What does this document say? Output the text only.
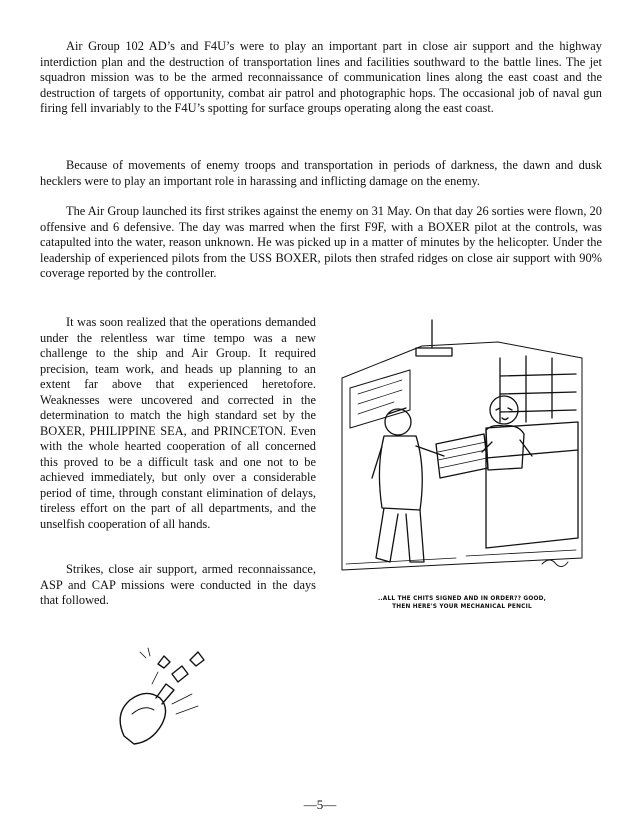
Air Group 102 AD’s and F4U’s were to play an important part in close air support and the highway interdiction plan and the destruction of transportation lines and facilities southward to the battle lines. The jet squadron mission was to be the armed reconnaissance of communication lines along the east coast and the destruction of targets of opportunity, combat air patrol and photographic hops. The occasional job of naval gun firing fell invariably to the F4U’s spotting for surface groups operating along the east coast.

Because of movements of enemy troops and transportation in periods of darkness, the dawn and dusk hecklers were to play an important role in harassing and inflicting damage on the enemy.

The Air Group launched its first strikes against the enemy on 31 May. On that day 26 sorties were flown, 20 offensive and 6 defensive. The day was marred when the first F9F, with a BOXER pilot at the controls, was catapulted into the water, reason unknown. He was picked up in a matter of minutes by the helicopter. Under the leadership of experienced pilots from the USS BOXER, pilots then strafed ridges on close air support with 90% coverage reported by the controller.

It was soon realized that the operations demanded under the relentless war time tempo was a new challenge to the ship and Air Group. It required precision, team work, and heads up planning to an extent far above that experienced heretofore. Weaknesses were uncovered and corrected in the determination to match the high standard set by the BOXER, PHILIPPINE SEA, and PRINCETON. Even with the whole hearted cooperation of all concerned this proved to be a difficult task and one not to be achieved immediately, but only over a considerable period of time, through constant elimination of delays, tireless effort on the part of all departments, and the unselfish cooperation of all hands.

Strikes, close air support, armed reconnaissance, ASP and CAP missions were conducted in the days that followed.	..ALL THE CHITS SIGNED AND IN ORDER?? GOOD,
THEN HERE'S YOUR MECHANICAL PENCIL
—5—
